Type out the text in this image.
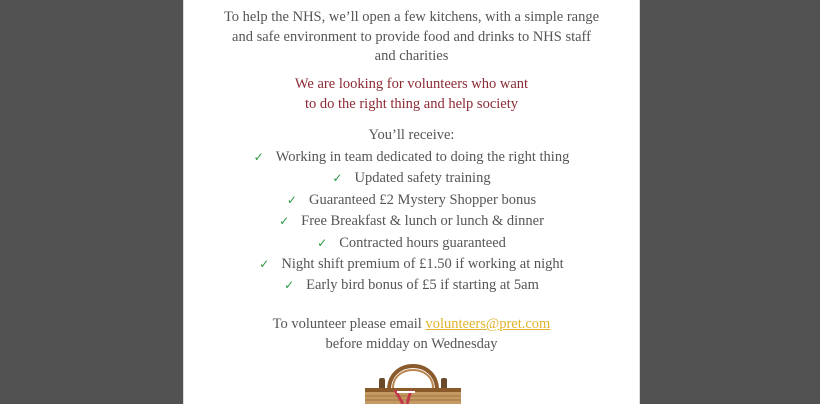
To help the NHS, we’ll open a few kitchens, with a simple range
and safe environment to provide food and drinks to NHS staff
and charities
We are looking for volunteers who want
to do the right thing and help society
You’ll receive:
✓ Working in team dedicated to doing the right thing
✓ Updated safety training
✓ Guaranteed £2 Mystery Shopper bonus
✓ Free Breakfast & lunch or lunch & dinner
✓ Contracted hours guaranteed
✓ Night shift premium of £1.50 if working at night
✓ Early bird bonus of £5 if starting at 5am
To volunteer please email volunteers@pret.com
before midday on Wednesday
